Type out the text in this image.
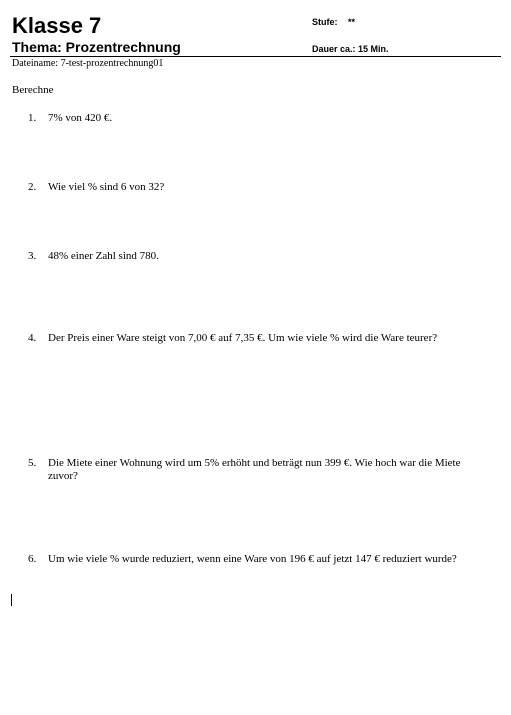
Klasse 7
Thema: Prozentrechnung
Stufe: **
Dauer ca.: 15 Min.
Dateiname: 7-test-prozentrechnung01
Berechne
1.	7% von 420 €.
2.	Wie viel % sind 6 von 32?
3.	48% einer Zahl sind 780.
4.	Der Preis einer Ware steigt von 7,00 € auf 7,35 €. Um wie viele % wird die Ware teurer?
5.	Die Miete einer Wohnung wird um 5% erhöht und beträgt nun 399 €. Wie hoch war die Miete zuvor?
6.	Um wie viele % wurde reduziert, wenn eine Ware von 196 € auf jetzt 147 € reduziert wurde?
